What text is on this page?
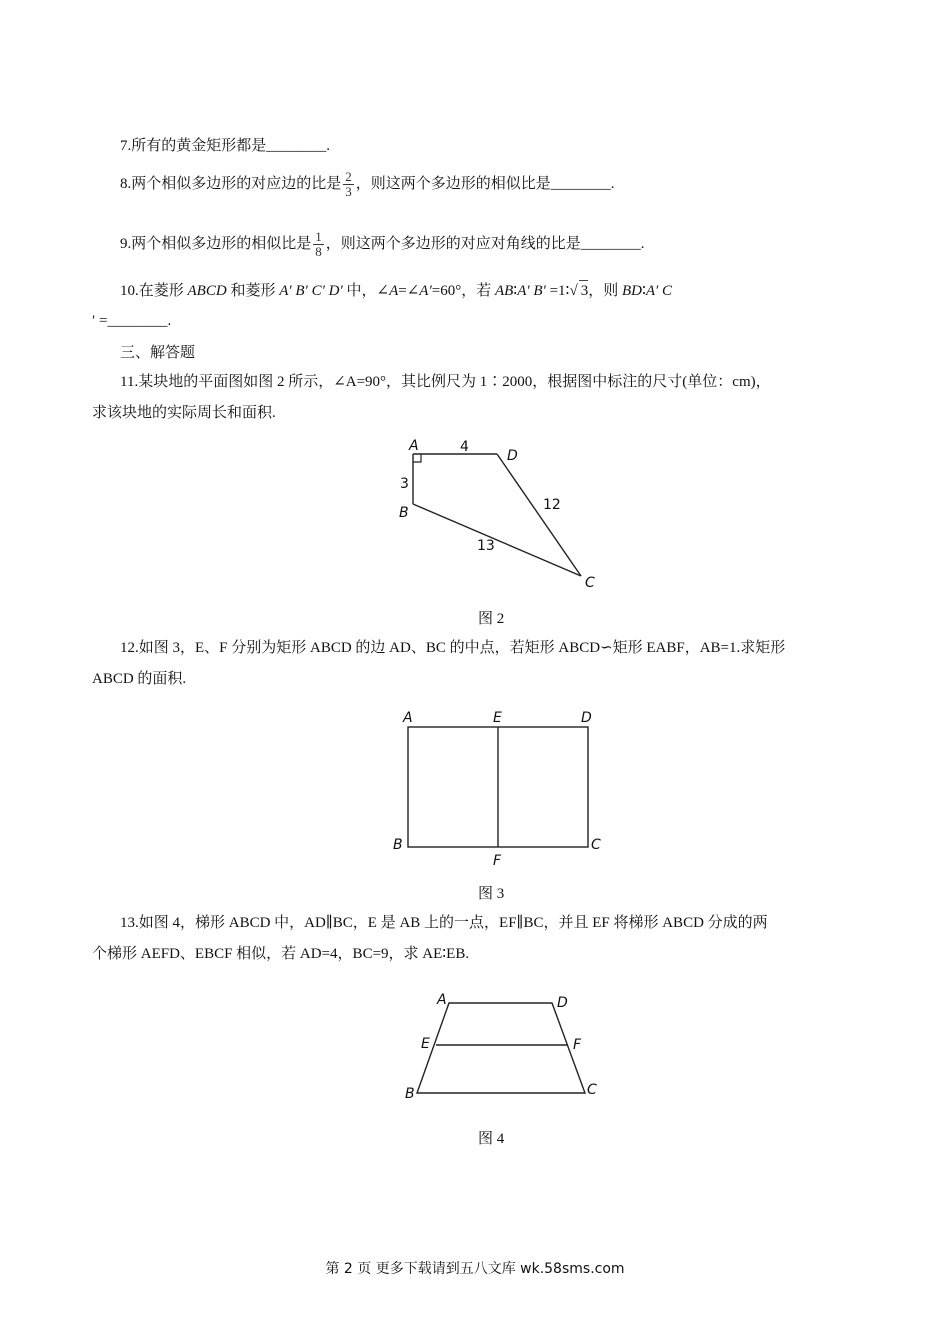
7.所有的黄金矩形都是________.
8.两个相似多边形的对应边的比是 $\frac{2}{3}$ ，则这两个多边形的相似比是________.
9.两个相似多边形的相似比是 $\frac{1}{8}$ ，则这两个多边形的对应对角线的比是________.
10.在菱形 ABCD 和菱形 A′ B′ C′ D′ 中，∠A=∠A′=60°，若 AB∶A′ B′ =1∶√ 3，则 BD∶A′ C
′ =________.
三、解答题
11.某块地的平面图如图 2 所示，∠A=90°，其比例尺为 1∶2000，根据图中标注的尺寸(单位：cm)，
求该块地的实际周长和面积.
A
D
B
C
4
3
12
13
图 2
12.如图 3，E、F 分别为矩形 ABCD 的边 AD、BC 的中点，若矩形 ABCD∽矩形 EABF，AB=1.求矩形
ABCD 的面积.
A	E	D
B
F
C
图 3
13.如图 4，梯形 ABCD 中，AD∥BC，E 是 AB 上的一点，EF∥BC，并且 EF 将梯形 ABCD 分成的两
个梯形 AEFD、EBCF 相似，若 AD=4，BC=9，求 AE∶EB.
A	D
E	F
B	C
图 4
第 2 页 更多下载请到五八文库 wk.58sms.com
